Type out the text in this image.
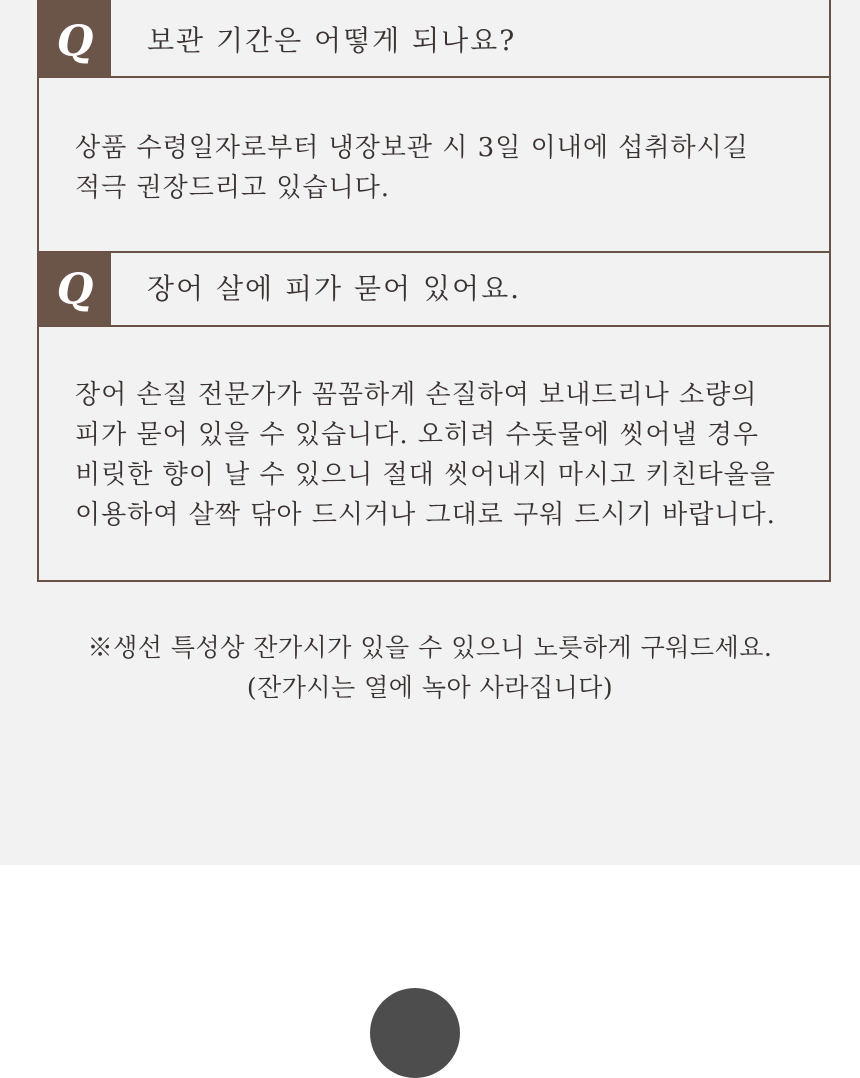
Q	보관 기간은 어떻게 되나요?
상품 수령일자로부터 냉장보관 시 3일 이내에 섭취하시길
적극 권장드리고 있습니다.
Q	장어 살에 피가 묻어 있어요.
장어 손질 전문가가 꼼꼼하게 손질하여 보내드리나 소량의
피가 묻어 있을 수 있습니다. 오히려 수돗물에 씻어낼 경우
비릿한 향이 날 수 있으니 절대 씻어내지 마시고 키친타올을
이용하여 살짝 닦아 드시거나 그대로 구워 드시기 바랍니다.
※생선 특성상 잔가시가 있을 수 있으니 노릇하게 구워드세요.
(잔가시는 열에 녹아 사라집니다)
